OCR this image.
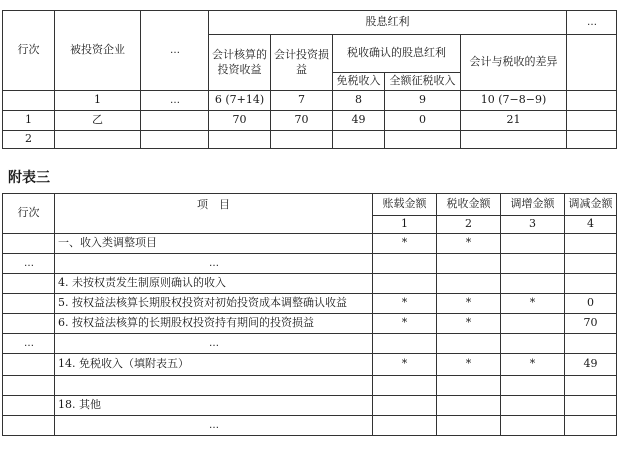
行次	被投资企业	…	股息红利					…
			会计核算的投资收益	会计投资损益	税收确认的股息红利		会计与税收的差异	
					免税收入	全额征税收入		
	1	…	6 (7+14)	7	8	9	10 (7−8−9)	
1	乙		70	70	49	0	21	
2								
附表三
行次	项　目	账载金额	税收金额	调增金额	调减金额
		1	2	3	4
	一、收入类调整项目	*	*		
…	…				
	4. 未按权责发生制原则确认的收入				
	5. 按权益法核算长期股权投资对初始投资成本调整确认收益	*	*	*	0
	6. 按权益法核算的长期股权投资持有期间的投资损益	*	*		70
…	…				
	14. 免税收入（填附表五）	*	*	*	49

	18. 其他				
	…				
